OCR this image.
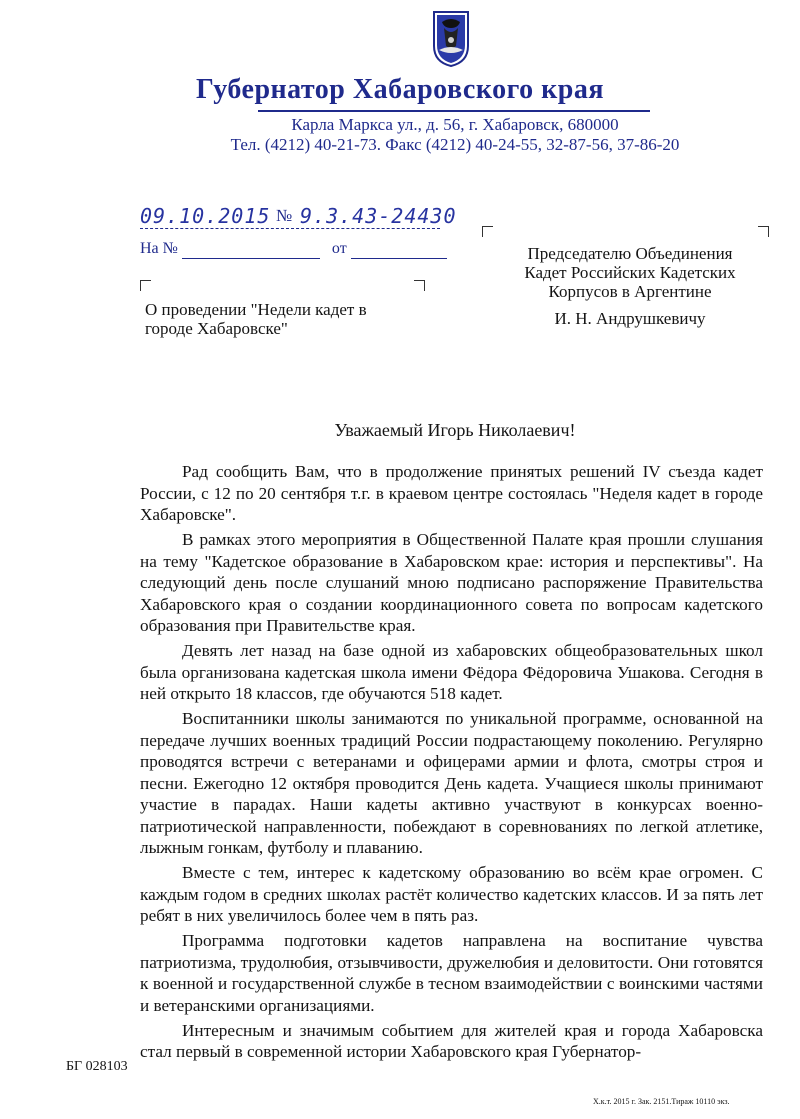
Губернатор Хабаровского края
Карла Маркса ул., д. 56, г. Хабаровск, 680000
Тел. (4212) 40-21-73. Факс (4212) 40-24-55, 32-87-56, 37-86-20
09.10.2015 № 9.3.43-24430
На №	от	Председателю Объединения
Кадет Российских Кадетских
Корпусов в Аргентине
О проведении "Недели кадет в городе Хабаровске"
И. Н. Андрушкевичу
Уважаемый Игорь Николаевич!

Рад сообщить Вам, что в продолжение принятых решений IV съезда кадет России, с 12 по 20 сентября т.г. в краевом центре состоялась "Неделя кадет в городе Хабаровске".

В рамках этого мероприятия в Общественной Палате края прошли слушания на тему "Кадетское образование в Хабаровском крае: история и перспективы". На следующий день после слушаний мною подписано распоряжение Правительства Хабаровского края о создании координационного совета по вопросам кадетского образования при Правительстве края.

Девять лет назад на базе одной из хабаровских общеобразовательных школ была организована кадетская школа имени Фёдора Фёдоровича Ушакова. Сегодня в ней открыто 18 классов, где обучаются 518 кадет.

Воспитанники школы занимаются по уникальной программе, основанной на передаче лучших военных традиций России подрастающему поколению. Регулярно проводятся встречи с ветеранами и офицерами армии и флота, смотры строя и песни. Ежегодно 12 октября проводится День кадета. Учащиеся школы принимают участие в парадах. Наши кадеты активно участвуют в конкурсах военно-патриотической направленности, побеждают в соревнованиях по легкой атлетике, лыжным гонкам, футболу и плаванию.

Вместе с тем, интерес к кадетскому образованию во всём крае огромен. С каждым годом в средних школах растёт количество кадетских классов. И за пять лет ребят в них увеличилось более чем в пять раз.

Программа подготовки кадетов направлена на воспитание чувства патриотизма, трудолюбия, отзывчивости, дружелюбия и деловитости. Они готовятся к военной и государственной службе в тесном взаимодействии с воинскими частями и ветеранскими организациями.

Интересным и значимым событием для жителей края и города Хабаровска стал первый в современной истории Хабаровского края Губернатор-

БГ 028103
Х.к.т. 2015 г. Зак. 2151.Тираж 10110 экз.
